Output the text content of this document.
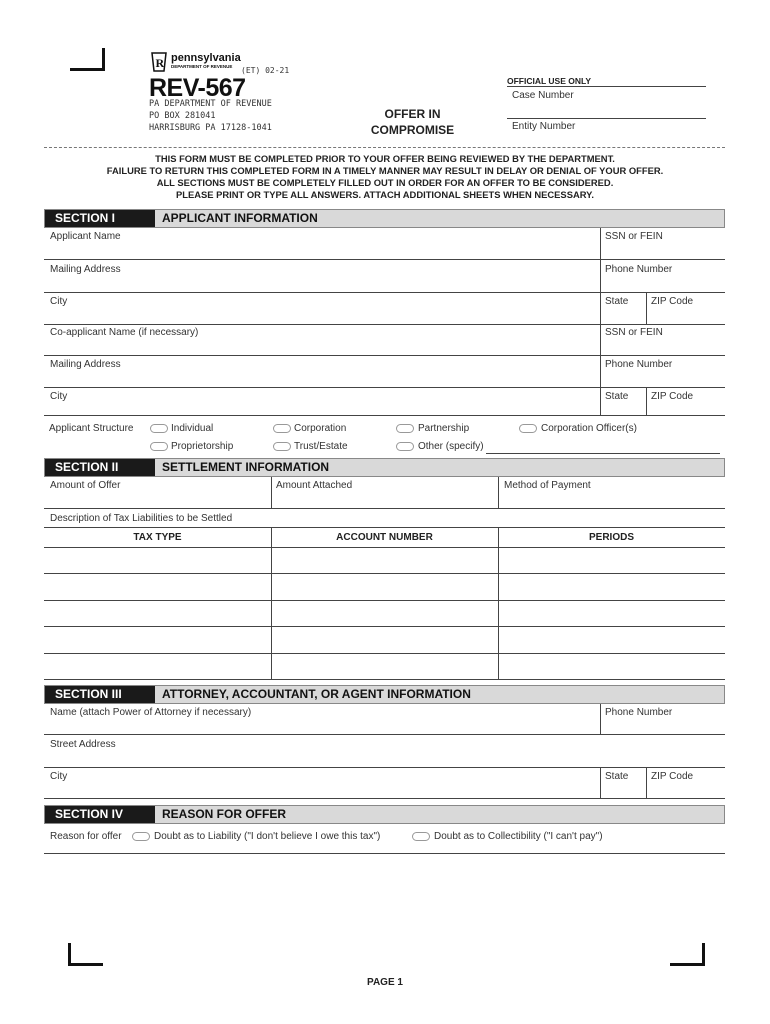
R pennsylvania
DEPARTMENT OF REVENUE (ET) 02-21
REV-567
PA DEPARTMENT OF REVENUE
PO BOX 281041
HARRISBURG PA 17128-1041
OFFER IN
COMPROMISE
OFFICIAL USE ONLY
Case Number
Entity Number
THIS FORM MUST BE COMPLETED PRIOR TO YOUR OFFER BEING REVIEWED BY THE DEPARTMENT.
FAILURE TO RETURN THIS COMPLETED FORM IN A TIMELY MANNER MAY RESULT IN DELAY OR DENIAL OF YOUR OFFER.
ALL SECTIONS MUST BE COMPLETELY FILLED OUT IN ORDER FOR AN OFFER TO BE CONSIDERED.
PLEASE PRINT OR TYPE ALL ANSWERS. ATTACH ADDITIONAL SHEETS WHEN NECESSARY.
SECTION I	APPLICANT INFORMATION
Applicant Name	SSN or FEIN
Mailing Address	Phone Number
City	State ZIP Code
Co-applicant Name (if necessary)	SSN or FEIN
Mailing Address	Phone Number
City	State ZIP Code
Applicant Structure	Individual	Corporation	Partnership	Corporation Officer(s)
Proprietorship	Trust/Estate	Other (specify)
SECTION II	SETTLEMENT INFORMATION
Amount of Offer	Amount Attached	Method of Payment
Description of Tax Liabilities to be Settled
TAX TYPE	ACCOUNT NUMBER	PERIODS
SECTION III	ATTORNEY, ACCOUNTANT, OR AGENT INFORMATION
Name (attach Power of Attorney if necessary)	Phone Number
Street Address
City	State ZIP Code
SECTION IV	REASON FOR OFFER
Reason for offer	Doubt as to Liability ("I don't believe I owe this tax")	Doubt as to Collectibility ("I can't pay")
PAGE 1
